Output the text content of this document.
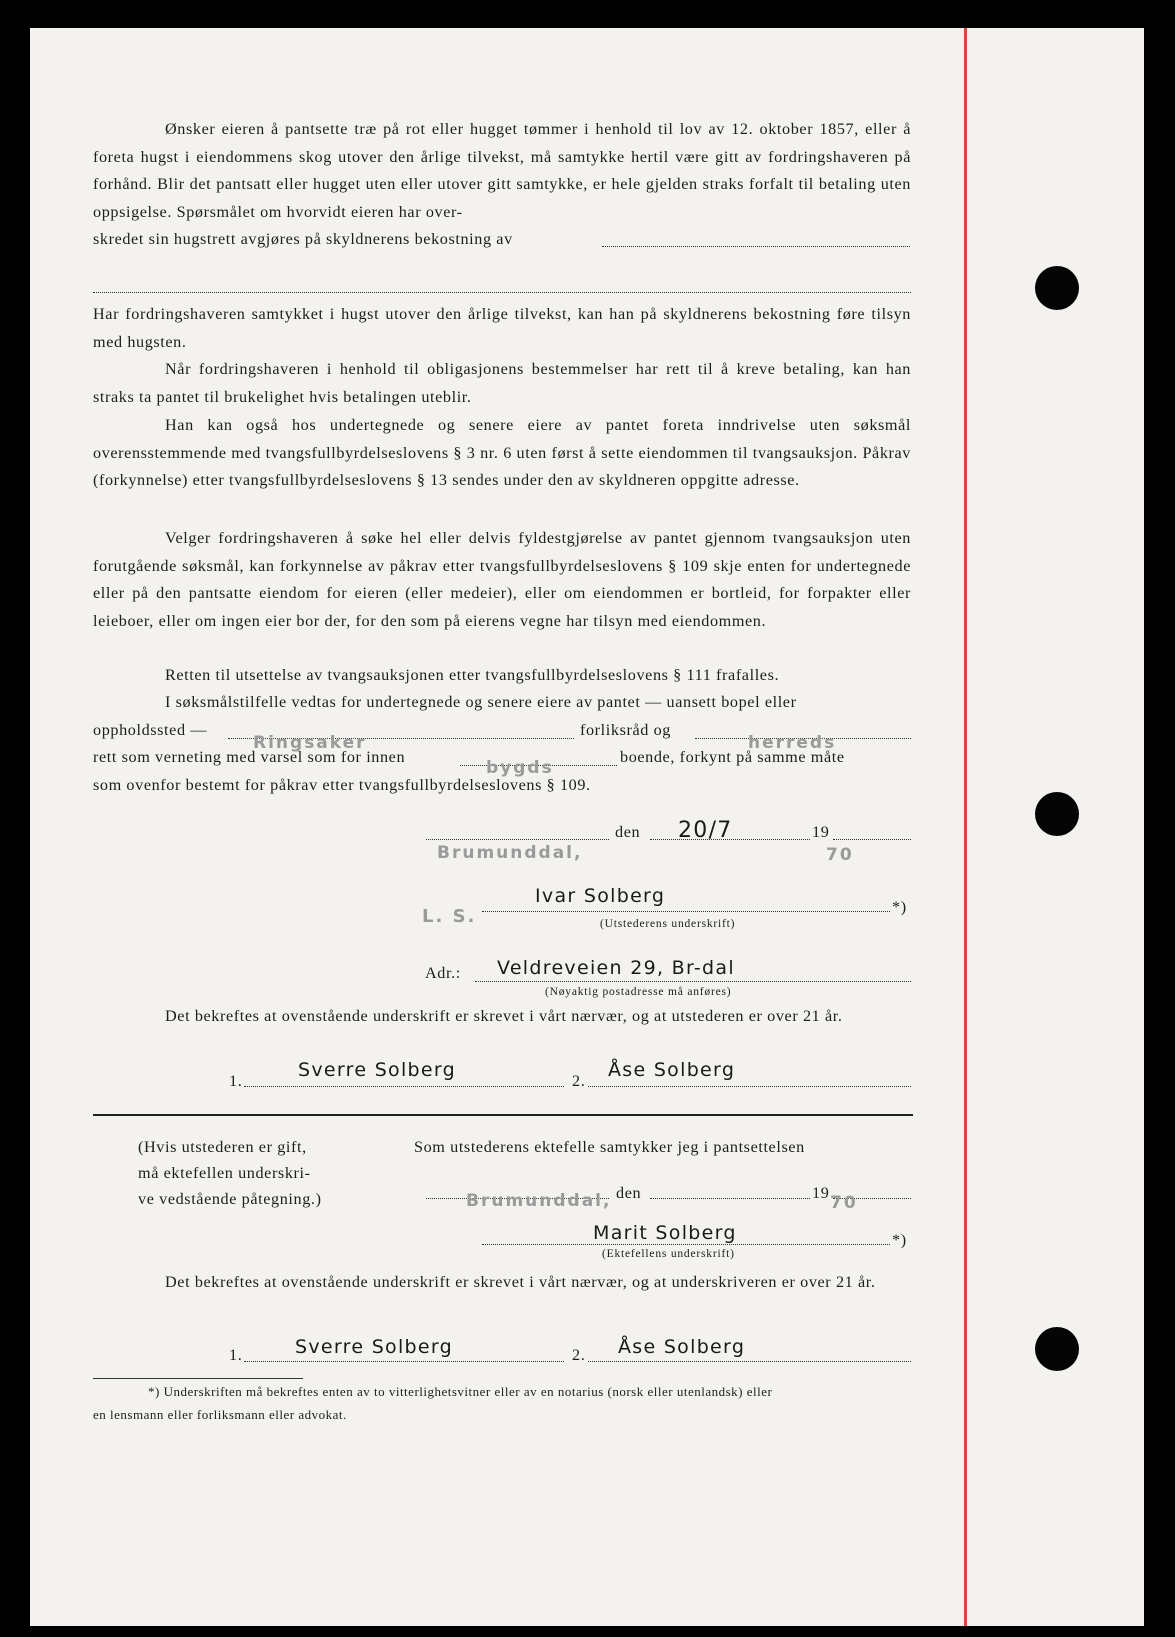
Ønsker eieren å pantsette træ på rot eller hugget tømmer i henhold til lov av 12. oktober 1857, eller å foreta hugst i eiendommens skog utover den årlige tilvekst, må samtykke hertil være gitt av fordringshaveren på forhånd. Blir det pantsatt eller hugget uten eller utover gitt samtykke, er hele gjelden straks forfalt til betaling uten oppsigelse. Spørsmålet om hvorvidt eieren har over-

skredet sin hugstrett avgjøres på skyldnerens bekostning av

Har fordringshaveren samtykket i hugst utover den årlige tilvekst, kan han på skyldnerens bekostning føre tilsyn med hugsten.

Når fordringshaveren i henhold til obligasjonens bestemmelser har rett til å kreve betaling, kan han straks ta pantet til brukelighet hvis betalingen uteblir.

Han kan også hos undertegnede og senere eiere av pantet foreta inndrivelse uten søksmål overensstemmende med tvangsfullbyrdelseslovens § 3 nr. 6 uten først å sette eiendommen til tvangsauksjon. Påkrav (forkynnelse) etter tvangsfullbyrdelseslovens § 13 sendes under den av skyldneren oppgitte adresse.

Velger fordringshaveren å søke hel eller delvis fyldestgjørelse av pantet gjennom tvangsauksjon uten forutgående søksmål, kan forkynnelse av påkrav etter tvangsfullbyrdelseslovens § 109 skje enten for undertegnede eller på den pantsatte eiendom for eieren (eller medeier), eller om eiendommen er bortleid, for forpakter eller leieboer, eller om ingen eier bor der, for den som på eierens vegne har tilsyn med eiendommen.

Retten til utsettelse av tvangsauksjonen etter tvangsfullbyrdelseslovens § 111 frafalles.
I søksmålstilfelle vedtas for undertegnede og senere eiere av pantet — uansett bopel eller
oppholdssted —	forliksråd og
Ringsaker	herreds
rett som verneting med varsel som for innen
bygds
boende, forkynt på samme måte
som ovenfor bestemt for påkrav etter tvangsfullbyrdelseslovens § 109.
Brumunddal,
den 20/7	19
70
L. S.
Ivar Solberg	*)
(Utstederens underskrift)
Adr.: Veldreveien 29, Br-dal
(Nøyaktig postadresse må anføres)

Det bekreftes at ovenstående underskrift er skrevet i vårt nærvær, og at utstederen er over 21 år.

1.	Sverre Solberg	2. Åse Solberg
(Hvis utstederen er gift,
må ektefellen underskri-
ve vedstående påtegning.)
Som utstederens ektefelle samtykker jeg i pantsettelsen
Brumunddal, den	19 70
Marit Solberg	*)
(Ektefellens underskrift)

Det bekreftes at ovenstående underskrift er skrevet i vårt nærvær, og at underskriveren er over 21 år.

1.	Sverre Solberg	2. Åse Solberg
*) Underskriften må bekreftes enten av to vitterlighetsvitner eller av en notarius (norsk eller utenlandsk) eller
en lensmann eller forliksmann eller advokat.
